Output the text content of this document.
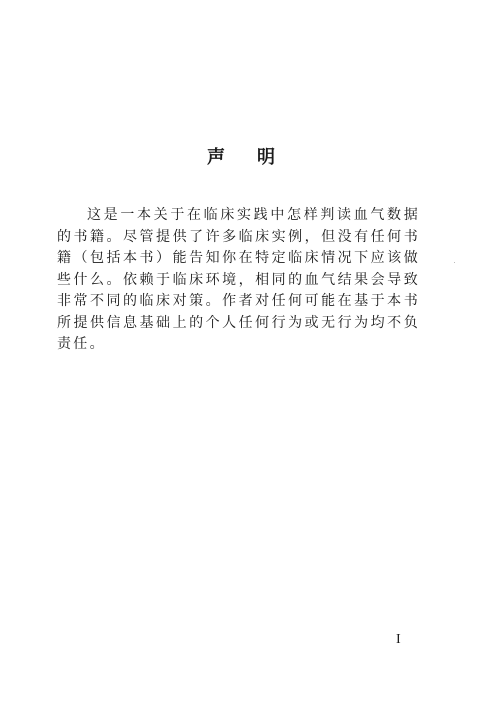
声明
这是一本关于在临床实践中怎样判读血气数据的书籍。尽管提供了许多临床实例，但没有任何书籍（包括本书）能告知你在特定临床情况下应该做些什么。依赖于临床环境，相同的血气结果会导致非常不同的临床对策。作者对任何可能在基于本书所提供信息基础上的个人任何行为或无行为均不负责任。
I
